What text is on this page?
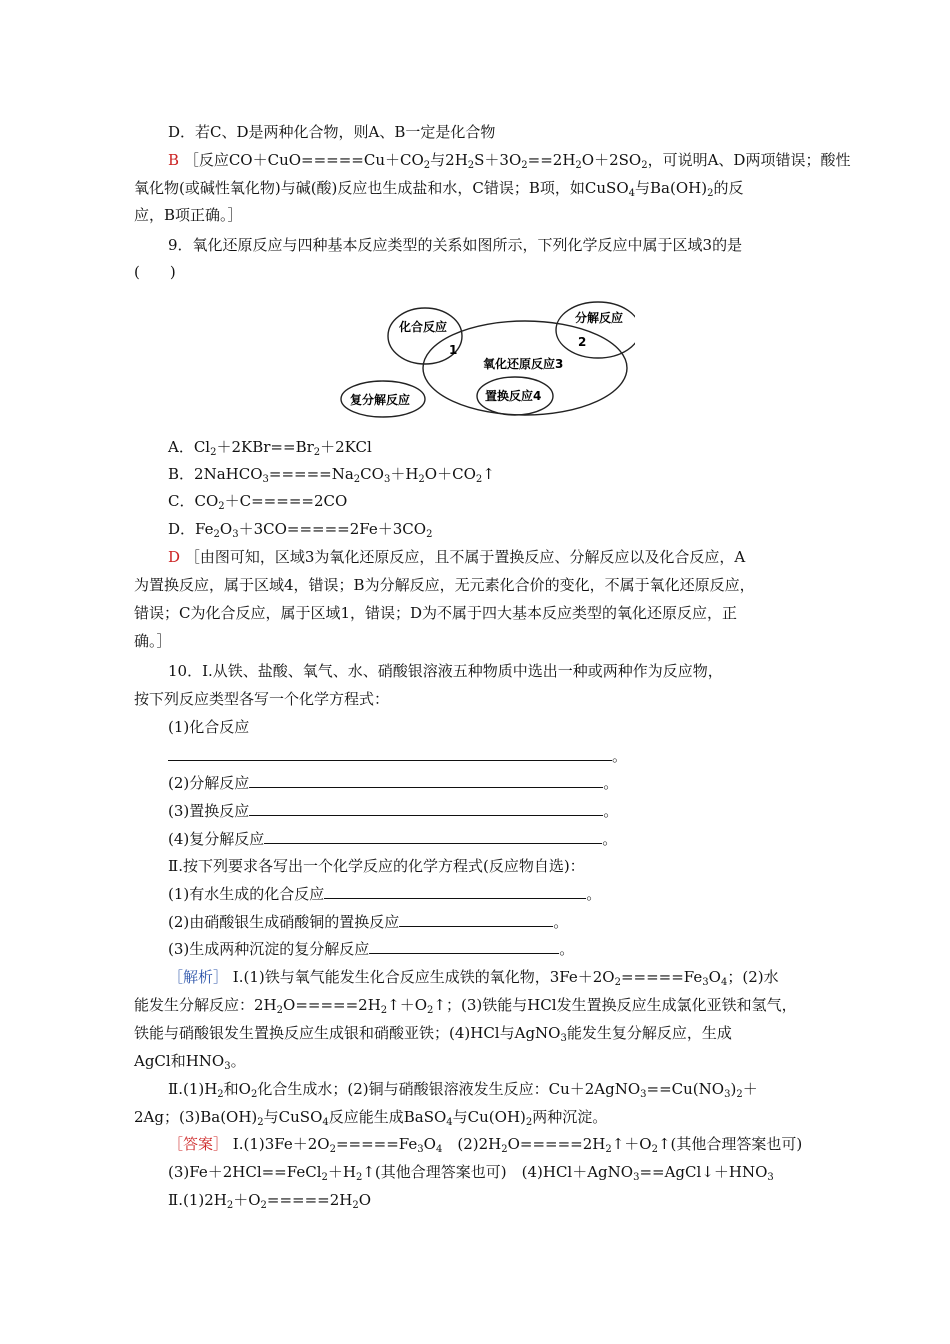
D．若C、D是两种化合物，则A、B一定是化合物
B ［反应$CO+CuO=====Cu+CO_2$与$2H_2S+3O_2==2H_2O+2SO_2$，可说明A、D两项错误；酸性
氧化物(或碱性氧化物)与碱(酸)反应也生成盐和水，C错误；B项，如CuSO$_4$与$Ba(OH)_2$的反
应，B项正确。］
9．氧化还原反应与四种基本反应类型的关系如图所示，下列化学反应中属于区域3的是
(　　)
化合反应
1
分解反应
2
氧化还原反应3
复分解反应	置换反应4
A．$Cl_2+2KBr==Br_2+2KCl$
B．$2NaHCO_3=====Na_2CO_3+H_2O+CO_2↑$
C．$CO_2+C=====2CO$
D．$Fe_2O_3+3CO=====2Fe+3CO_2$
D ［由图可知，区域3为氧化还原反应，且不属于置换反应、分解反应以及化合反应，A
为置换反应，属于区域4，错误；B为分解反应，无元素化合价的变化，不属于氧化还原反应，
错误；C为化合反应，属于区域1，错误；D为不属于四大基本反应类型的氧化还原反应，正
确。］
10．Ⅰ.从铁、盐酸、氧气、水、硝酸银溶液五种物质中选出一种或两种作为反应物，
按下列反应类型各写一个化学方程式：
(1)化合反应
。
(2)分解反应	。
(3)置换反应	。
(4)复分解反应	。
Ⅱ.按下列要求各写出一个化学反应的化学方程式(反应物自选)：
(1)有水生成的化合反应	。
(2)由硝酸银生成硝酸铜的置换反应	。
(3)生成两种沉淀的复分解反应	。
［解析］ Ⅰ.(1)铁与氧气能发生化合反应生成铁的氧化物，$3Fe+2O_2=====Fe_3O_4$；(2)水
能发生分解反应：$2H_2O=====2H_2↑+O_2↑$；(3)铁能与HCl发生置换反应生成氯化亚铁和氢气，
铁能与硝酸银发生置换反应生成银和硝酸亚铁；(4)HCl与AgNO$_3$能发生复分解反应，生成
AgCl和$HNO_3$。
$Ⅱ.(1)H_2$和$O_2$化合生成水；(2)铜与硝酸银溶液发生反应：$Cu+2AgNO_3==Cu(NO_3)_2+$
2Ag；$(3)Ba(OH)_2$与CuSO$_4$反应能生成BaSO$_4$与$Cu(OH)_2$两种沉淀。
［答案］ $Ⅰ.(1)3Fe+2O_2=====Fe_3O_4$　$(2)2H_2O=====2H_2↑+O_2↑$(其他合理答案也可)
$(3)Fe+2HCl==FeCl_2+H_2↑$(其他合理答案也可)　$(4)HCl+AgNO_3==AgCl↓+HNO_3$
$Ⅱ.(1)2H_2+O_2=====2H_2O$
